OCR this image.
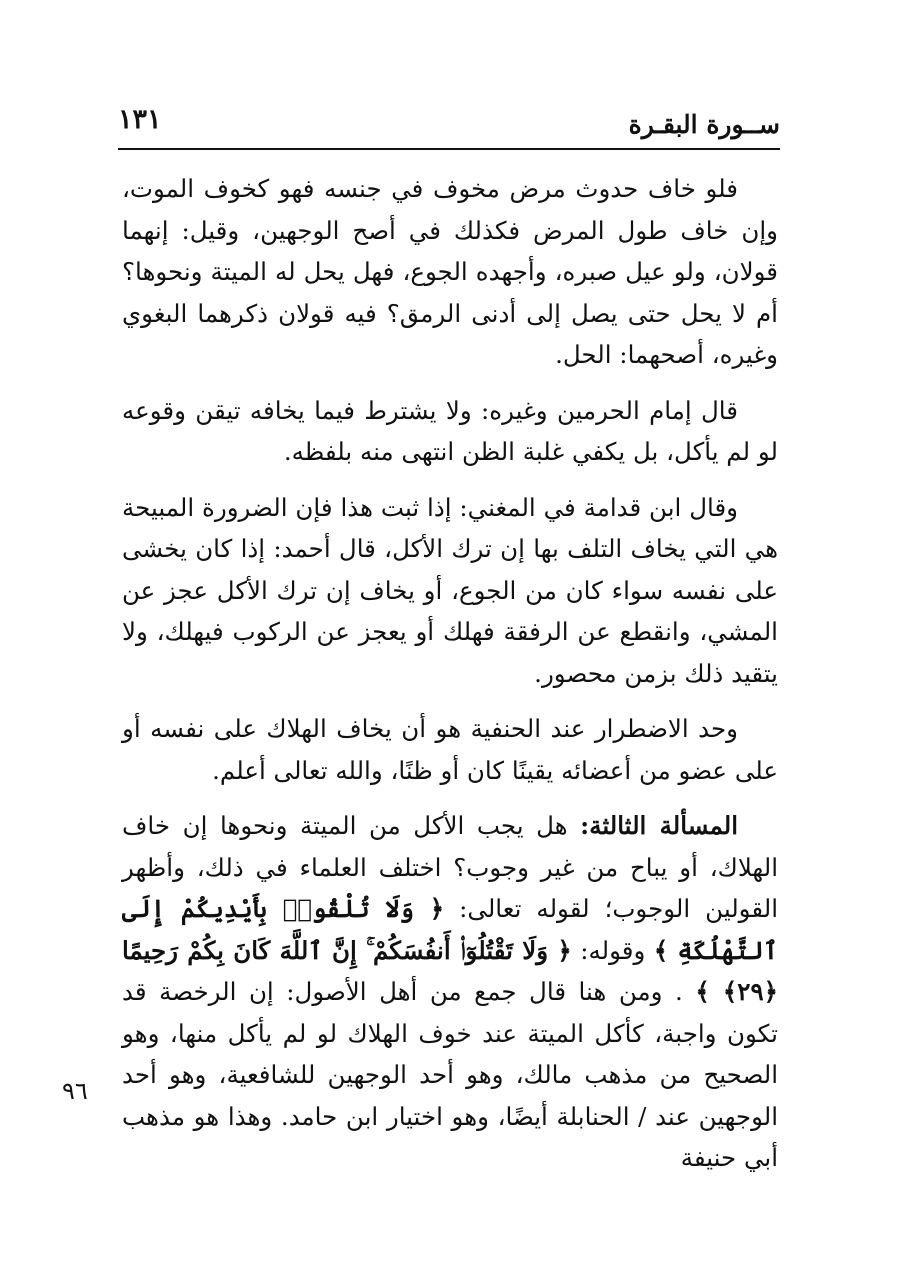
ســورة البقـرة
١٣١

فلو خاف حدوث مرض مخوف في جنسه فهو كخوف الموت، وإن خاف طول المرض فكذلك في أصح الوجهين، وقيل: إنهما قولان، ولو عيل صبره، وأجهده الجوع، فهل يحل له الميتة ونحوها؟ أم لا يحل حتى يصل إلى أدنى الرمق؟ فيه قولان ذكرهما البغوي وغيره، أصحهما: الحل.

قال إمام الحرمين وغيره: ولا يشترط فيما يخافه تيقن وقوعه لو لم يأكل، بل يكفي غلبة الظن انتهى منه بلفظه.

وقال ابن قدامة في المغني: إذا ثبت هذا فإن الضرورة المبيحة هي التي يخاف التلف بها إن ترك الأكل، قال أحمد: إذا كان يخشى على نفسه سواء كان من الجوع، أو يخاف إن ترك الأكل عجز عن المشي، وانقطع عن الرفقة فهلك أو يعجز عن الركوب فيهلك، ولا يتقيد ذلك بزمن محصور.

وحد الاضطرار عند الحنفية هو أن يخاف الهلاك على نفسه أو على عضو من أعضائه يقينًا كان أو ظنًا، والله تعالى أعلم.

المسألة الثالثة: هل يجب الأكل من الميتة ونحوها إن خاف الهلاك، أو يباح من غير وجوب؟ اختلف العلماء في ذلك، وأظهر القولين الوجوب؛ لقوله تعالى: ﴿ وَلَا تُلْقُوا۟ بِأَيْدِيكُمْ إِلَى ٱلتَّهْلُكَةِ ﴾ وقوله: ﴿ وَلَا تَقْتُلُوٓا۟ أَنفُسَكُمْ ۚ إِنَّ ٱللَّهَ كَانَ بِكُمْ رَحِيمًا ﴿٢٩﴾ ﴾ . ومن هنا قال جمع من أهل الأصول: إن الرخصة قد تكون واجبة، كأكل الميتة عند خوف الهلاك لو لم يأكل منها، وهو الصحيح من مذهب مالك، وهو أحد الوجهين للشافعية، وهو أحد الوجهين عند / الحنابلة أيضًا، وهو اختيار ابن حامد. وهذا هو مذهب أبي حنيفة

٩٦
